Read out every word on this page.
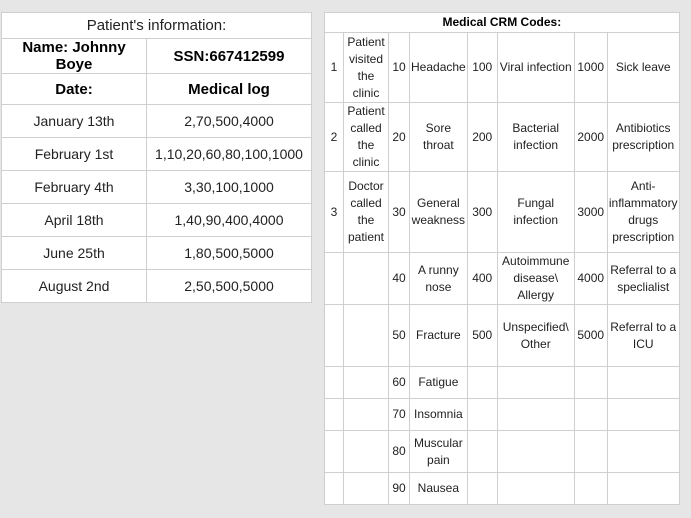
Patient's information:	
Name: Johnny Boye	SSN:667412599
Date:	Medical log
January 13th	2,70,500,4000
February 1st	1,10,20,60,80,100,1000
February 4th	3,30,100,1000
April 18th	1,40,90,400,4000
June 25th	1,80,500,5000
August 2nd	2,50,500,5000
Medical CRM Codes:							
1	Patient visited the clinic	10	Headache	100	Viral infection	1000	Sick leave
2	Patient called the clinic	20	Sore throat	200	Bacterial infection	2000	Antibiotics prescription
3	Doctor called the patient	30	General weakness	300	Fungal infection	3000	Anti-inflammatory drugs prescription
		40	A runny nose	400	Autoimmune disease\ Allergy	4000	Referral to a speclialist
		50	Fracture	500	Unspecified\ Other	5000	Referral to a ICU
		60	Fatigue				
		70	Insomnia				
		80	Muscular pain				
		90	Nausea				
